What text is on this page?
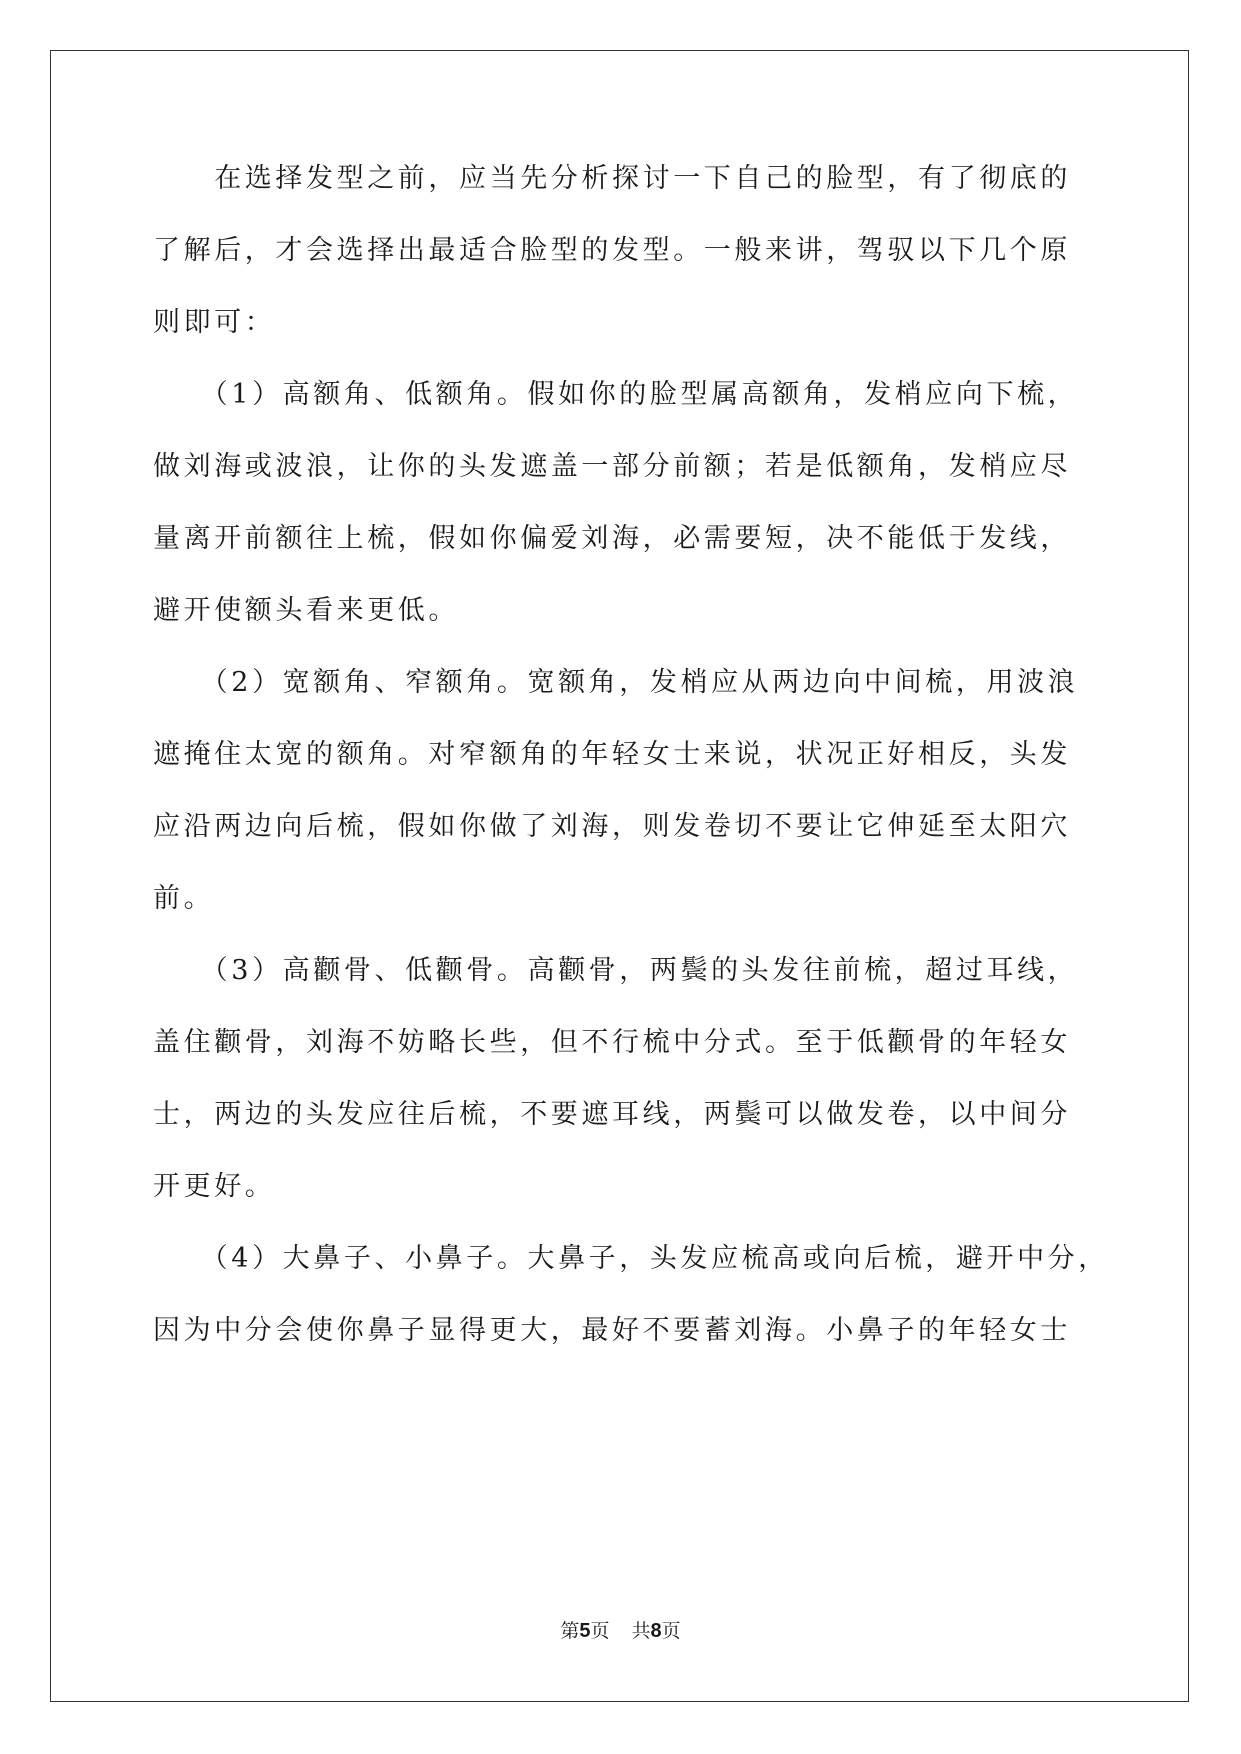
　　在选择发型之前，应当先分析探讨一下自己的脸型，有了彻底的
了解后，才会选择出最适合脸型的发型。一般来讲，驾驭以下几个原
则即可：
　　（1）高额角、低额角。假如你的脸型属高额角，发梢应向下梳，
做刘海或波浪，让你的头发遮盖一部分前额；若是低额角，发梢应尽
量离开前额往上梳，假如你偏爱刘海，必需要短，决不能低于发线，
避开使额头看来更低。
　　（2）宽额角、窄额角。宽额角，发梢应从两边向中间梳，用波浪
遮掩住太宽的额角。对窄额角的年轻女士来说，状况正好相反，头发
应沿两边向后梳，假如你做了刘海，则发卷切不要让它伸延至太阳穴
前。
　　（3）高颧骨、低颧骨。高颧骨，两鬓的头发往前梳，超过耳线，
盖住颧骨，刘海不妨略长些，但不行梳中分式。至于低颧骨的年轻女
士，两边的头发应往后梳，不要遮耳线，两鬓可以做发卷，以中间分
开更好。
　　（4）大鼻子、小鼻子。大鼻子，头发应梳高或向后梳，避开中分，
因为中分会使你鼻子显得更大，最好不要蓄刘海。小鼻子的年轻女士
第5页 共8页
